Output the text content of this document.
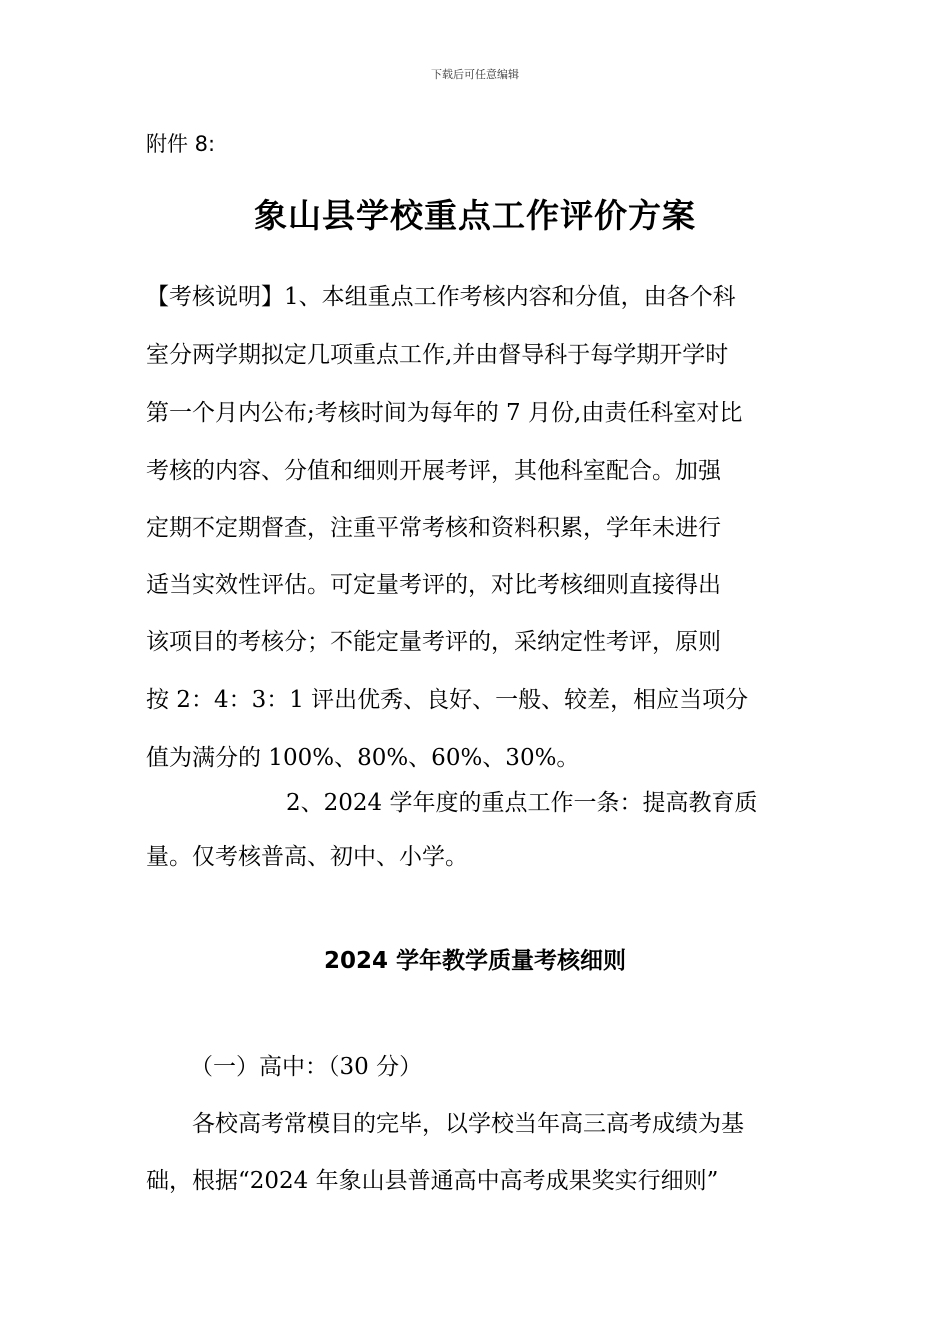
下载后可任意编辑
附件 8:
象山县学校重点工作评价方案
【考核说明】1、本组重点工作考核内容和分值，由各个科
室分两学期拟定几项重点工作,并由督导科于每学期开学时
第一个月内公布;考核时间为每年的 7 月份,由责任科室对比
考核的内容、分值和细则开展考评，其他科室配合。加强
定期不定期督查，注重平常考核和资料积累，学年未进行
适当实效性评估。可定量考评的，对比考核细则直接得出
该项目的考核分；不能定量考评的，采纳定性考评，原则
按 2：4：3：1 评出优秀、良好、一般、较差，相应当项分
值为满分的 100%、80%、60%、30%。
2、2024 学年度的重点工作一条：提高教育质
量。仅考核普高、初中、小学。
2024 学年教学质量考核细则
（一）高中：（30 分）
各校高考常模目的完毕，以学校当年高三高考成绩为基
础，根据“2024 年象山县普通高中高考成果奖实行细则”
